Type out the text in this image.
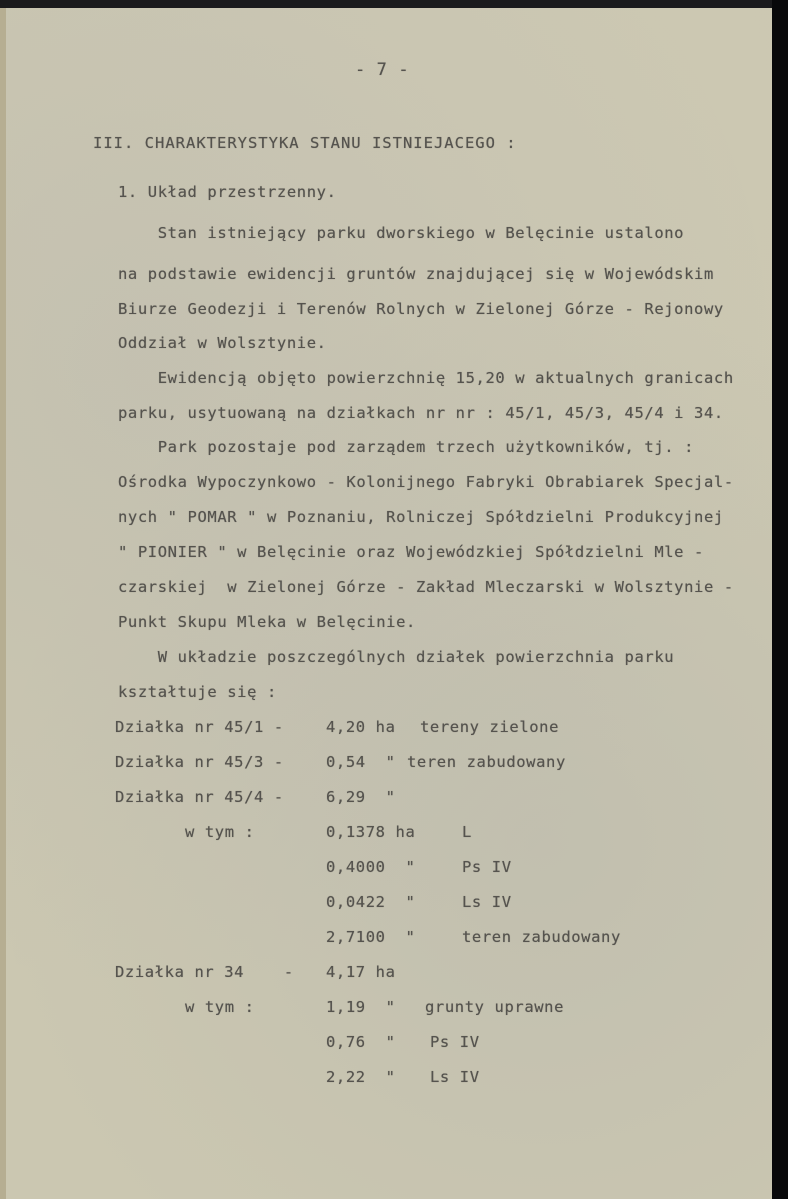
- 7 -
III. CHARAKTERYSTYKA STANU ISTNIEJACEGO :
1. Układ przestrzenny.
Stan istniejący parku dworskiego w Belęcinie ustalono
na podstawie ewidencji gruntów znajdującej się w Wojewódskim
Biurze Geodezji i Terenów Rolnych w Zielonej Górze - Rejonowy
Oddział w Wolsztynie.
Ewidencją objęto powierzchnię 15,20 w aktualnych granicach
parku, usytuowaną na działkach nr nr : 45/1, 45/3, 45/4 i 34.
Park pozostaje pod zarządem trzech użytkowników, tj. :
Ośrodka Wypoczynkowo - Kolonijnego Fabryki Obrabiarek Specjal-
nych " POMAR " w Poznaniu, Rolniczej Spółdzielni Produkcyjnej
" PIONIER " w Belęcinie oraz Wojewódzkiej Spółdzielni Mle -
czarskiej  w Zielonej Górze - Zakład Mleczarski w Wolsztynie -
Punkt Skupu Mleka w Belęcinie.
W układzie poszczególnych działek powierzchnia parku
kształtuje się :
Działka nr 45/1 -	4,20 ha tereny zielone
Działka nr 45/3 -	0,54  " teren zabudowany
Działka nr 45/4 -	6,29  "
w tym :	0,1378 ha	L
0,4000  "	Ps IV
0,0422  "	Ls IV
2,7100  "	teren zabudowany
Działka nr 34    - 4,17 ha
w tym :	1,19  " grunty uprawne
0,76  " Ps IV
2,22  " Ls IV
